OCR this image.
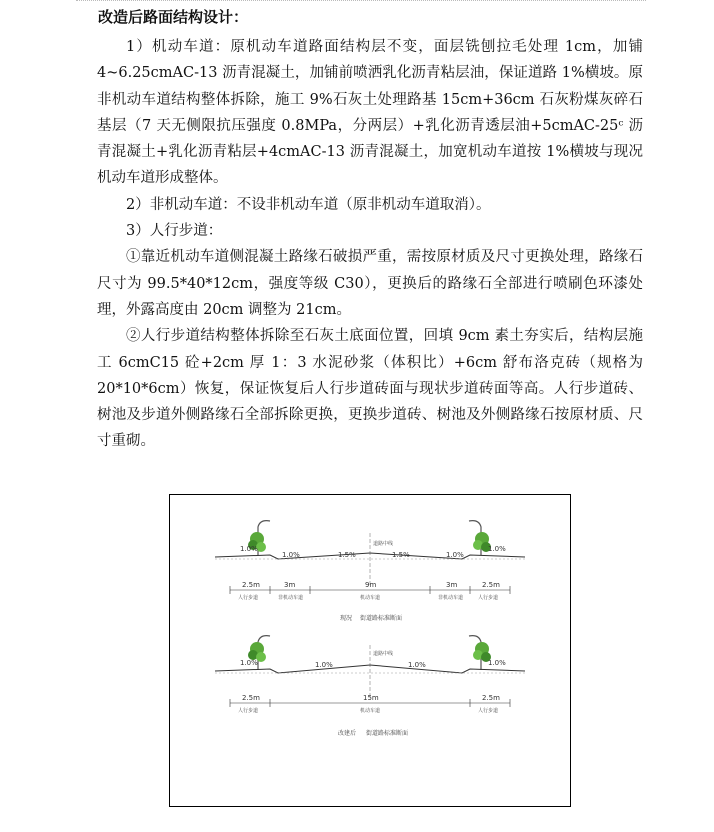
改造后路面结构设计：

1）机动车道：原机动车道路面结构层不变，面层铣刨拉毛处理 1cm，加铺 4~6.25cmAC-13 沥青混凝土，加铺前喷洒乳化沥青粘层油，保证道路 1%横坡。原非机动车道结构整体拆除，施工 9%石灰土处理路基 15cm+36cm 石灰粉煤灰碎石基层（7 天无侧限抗压强度 0.8MPa，分两层）+乳化沥青透层油+5cmAC-25ᶜ 沥青混凝土+乳化沥青粘层+4cmAC-13 沥青混凝土，加宽机动车道按 1%横坡与现况机动车道形成整体。

2）非机动车道：不设非机动车道（原非机动车道取消）。

3）人行步道：

①靠近机动车道侧混凝土路缘石破损严重，需按原材质及尺寸更换处理，路缘石尺寸为 99.5*40*12cm，强度等级 C30），更换后的路缘石全部进行喷刷色环漆处理，外露高度由 20cm 调整为 21cm。

②人行步道结构整体拆除至石灰土底面位置，回填 9cm 素土夯实后，结构层施工 6cmC15 砼+2cm 厚 1：3 水泥砂浆（体积比）+6cm 舒布洛克砖（规格为 20*10*6cm）恢复，保证恢复后人行步道砖面与现状步道砖面等高。人行步道砖、树池及步道外侧路缘石全部拆除更换，更换步道砖、树池及外侧路缘石按原材质、尺寸重砌。

道路中线
1.0%
1.0%	1.5%	1.5%	1.0%
1.0%
2.5m	3m	9m	3m	2.5m
人行步道	非机动车道	机动车道	非机动车道	人行步道
现况 街道路标准断面
道路中线
1.0%	1.0%	1.0%	1.0%
2.5m	15m	2.5m
人行步道	机动车道	人行步道
改建后 街道路标准断面
